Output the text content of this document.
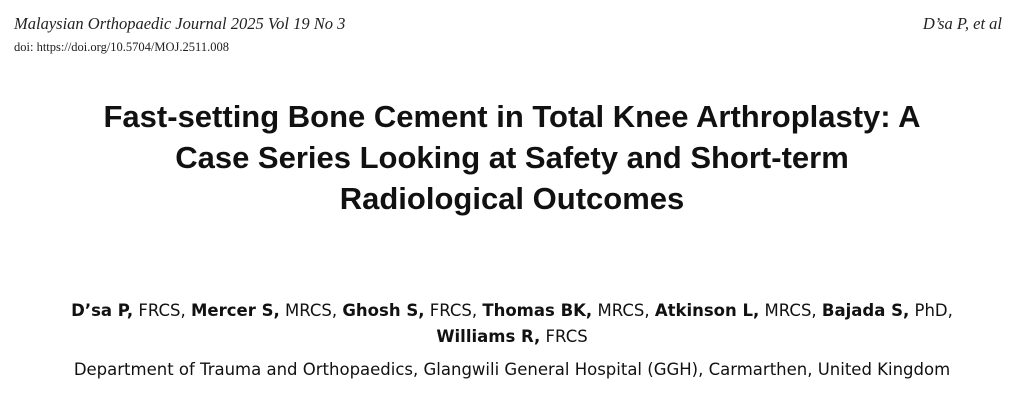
Malaysian Orthopaedic Journal 2025 Vol 19 No 3	D’sa P, et al
doi: https://doi.org/10.5704/MOJ.2511.008
Fast-setting Bone Cement in Total Knee Arthroplasty: A
Case Series Looking at Safety and Short-term
Radiological Outcomes
D’sa P, FRCS, Mercer S, MRCS, Ghosh S, FRCS, Thomas BK, MRCS, Atkinson L, MRCS, Bajada S, PhD,
Williams R, FRCS
Department of Trauma and Orthopaedics, Glangwili General Hospital (GGH), Carmarthen, United Kingdom
